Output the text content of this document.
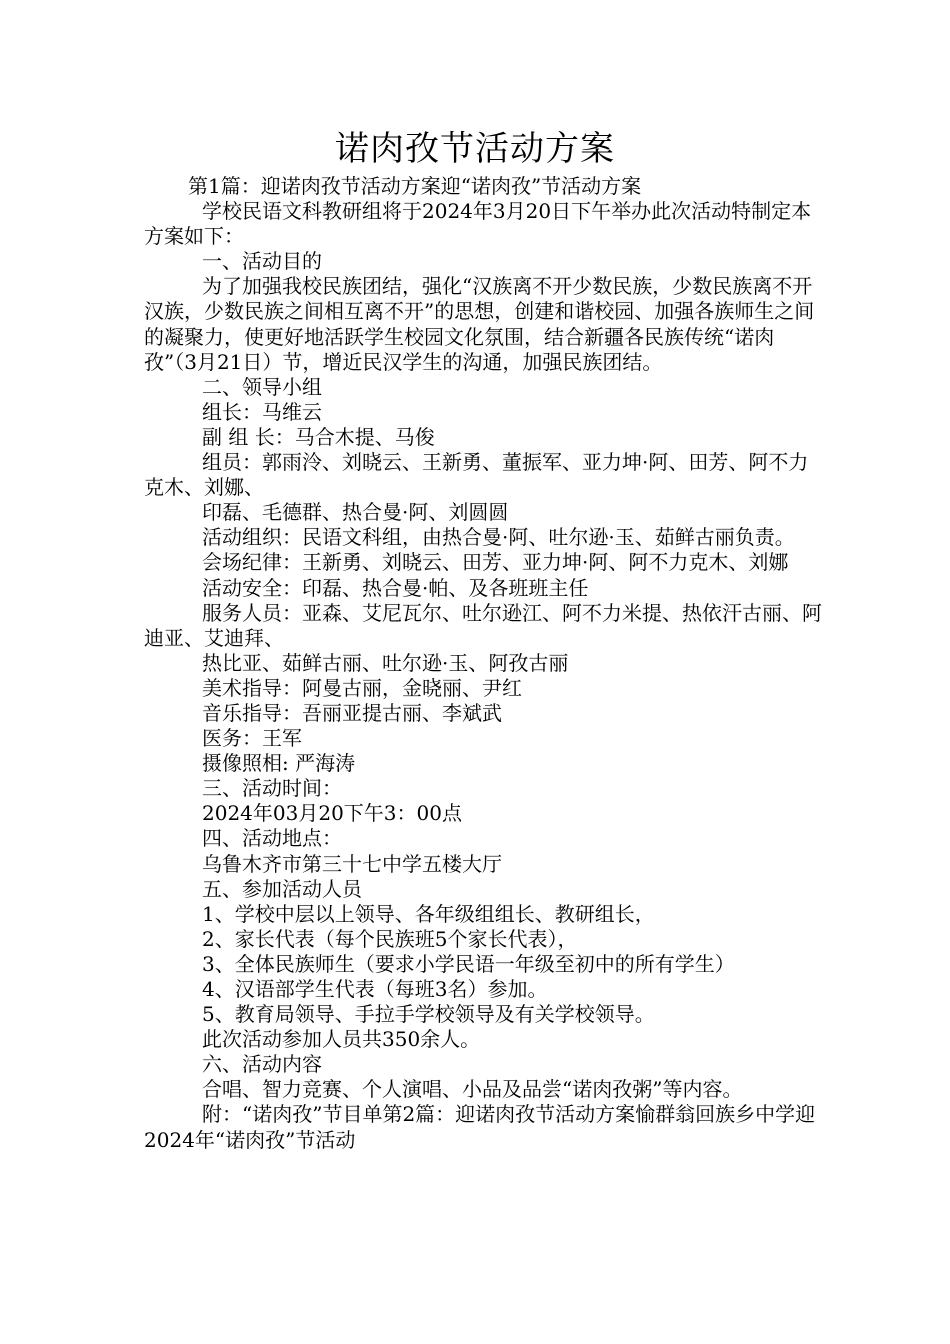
诺肉孜节活动方案

第1篇：迎诺肉孜节活动方案迎“诺肉孜”节活动方案

学校民语文科教研组将于2024年3月20日下午举办此次活动特制定本方案如下：

一、活动目的

为了加强我校民族团结，强化“汉族离不开少数民族，少数民族离不开汉族，少数民族之间相互离不开”的思想，创建和谐校园、加强各族师生之间的凝聚力，使更好地活跃学生校园文化氛围，结合新疆各民族传统“诺肉孜”（3月21日）节，增近民汉学生的沟通，加强民族团结。

二、领导小组

组长：马维云

副 组 长：马合木提、马俊

组员：郭雨泠、刘晓云、王新勇、董振军、亚力坤·阿、田芳、阿不力克木、刘娜、

印磊、毛德群、热合曼·阿、刘圆圆

活动组织：民语文科组，由热合曼·阿、吐尔逊·玉、茹鲜古丽负责。

会场纪律：王新勇、刘晓云、田芳、亚力坤·阿、阿不力克木、刘娜

活动安全：印磊、热合曼·帕、及各班班主任

服务人员：亚森、艾尼瓦尔、吐尔逊江、阿不力米提、热依汗古丽、阿迪亚、艾迪拜、

热比亚、茹鲜古丽、吐尔逊·玉、阿孜古丽

美术指导：阿曼古丽，金晓丽、尹红

音乐指导：吾丽亚提古丽、李斌武

医务：王军

摄像照相: 严海涛

三、活动时间：

2024年03月20下午3：00点

四、活动地点：

乌鲁木齐市第三十七中学五楼大厅

五、参加活动人员

1、学校中层以上领导、各年级组组长、教研组长，

2、家长代表（每个民族班5个家长代表），

3、全体民族师生（要求小学民语一年级至初中的所有学生）

4、汉语部学生代表（每班3名）参加。

5、教育局领导、手拉手学校领导及有关学校领导。

此次活动参加人员共350余人。

六、活动内容

合唱、智力竞赛、个人演唱、小品及品尝“诺肉孜粥”等内容。

附：“诺肉孜”节目单第2篇：迎诺肉孜节活动方案愉群翁回族乡中学迎2024年“诺肉孜”节活动
